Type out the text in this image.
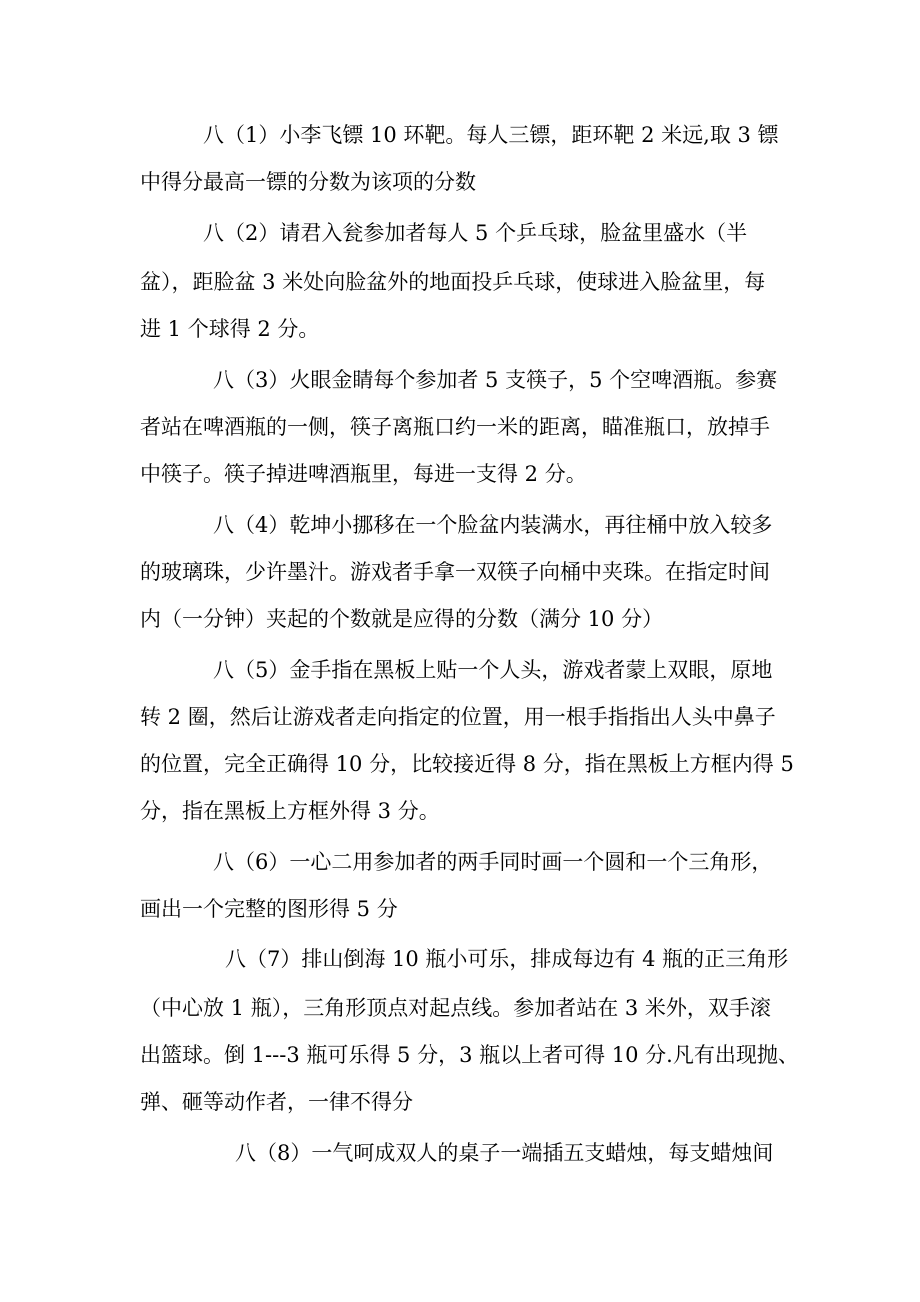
八（1）小李飞镖 10 环靶。每人三镖，距环靶 2 米远,取 3 镖
中得分最高一镖的分数为该项的分数
八（2）请君入瓮参加者每人 5 个乒乓球，脸盆里盛水（半
盆），距脸盆 3 米处向脸盆外的地面投乒乓球，使球进入脸盆里，每
进 1 个球得 2 分。
八（3）火眼金睛每个参加者 5 支筷子，5 个空啤酒瓶。参赛
者站在啤酒瓶的一侧，筷子离瓶口约一米的距离，瞄准瓶口，放掉手
中筷子。筷子掉进啤酒瓶里，每进一支得 2 分。
八（4）乾坤小挪移在一个脸盆内装满水，再往桶中放入较多
的玻璃珠，少许墨汁。游戏者手拿一双筷子向桶中夹珠。在指定时间
内（一分钟）夹起的个数就是应得的分数（满分 10 分）
八（5）金手指在黑板上贴一个人头，游戏者蒙上双眼，原地
转 2 圈，然后让游戏者走向指定的位置，用一根手指指出人头中鼻子
的位置，完全正确得 10 分，比较接近得 8 分，指在黑板上方框内得 5
分，指在黑板上方框外得 3 分。
八（6）一心二用参加者的两手同时画一个圆和一个三角形，
画出一个完整的图形得 5 分
八（7）排山倒海 10 瓶小可乐，排成每边有 4 瓶的正三角形
（中心放 1 瓶），三角形顶点对起点线。参加者站在 3 米外，双手滚
出篮球。倒 1---3 瓶可乐得 5 分，3 瓶以上者可得 10 分.凡有出现抛、
弹、砸等动作者，一律不得分
八（8）一气呵成双人的桌子一端插五支蜡烛，每支蜡烛间
